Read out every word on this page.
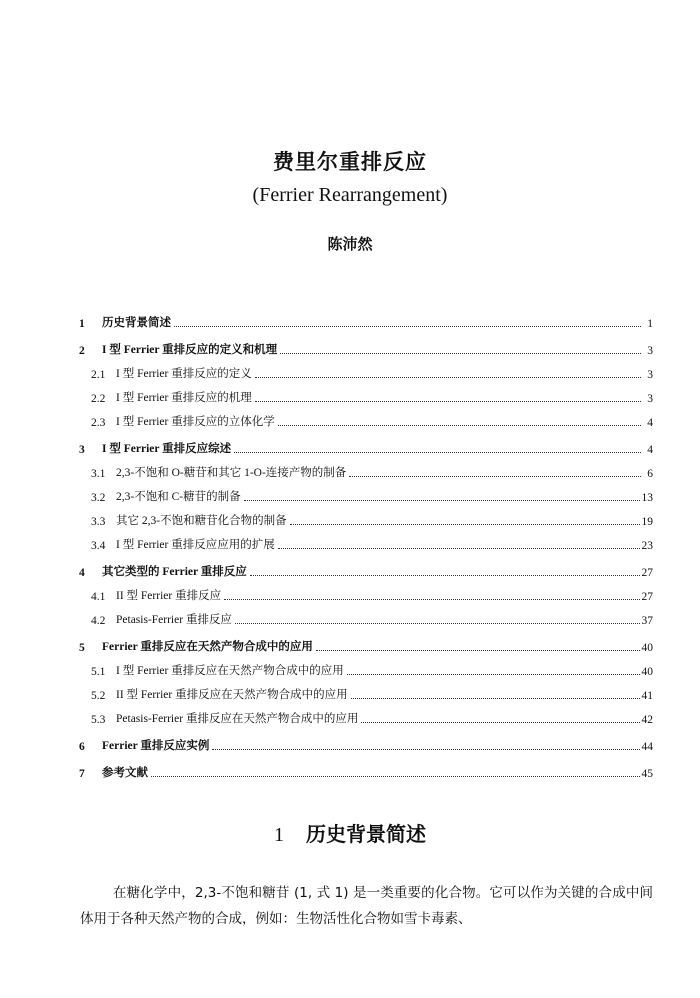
费里尔重排反应
(Ferrier Rearrangement)
陈沛然
1	历史背景简述	1
2	I 型 Ferrier 重排反应的定义和机理	3
2.1 I 型 Ferrier 重排反应的定义	3
2.2 I 型 Ferrier 重排反应的机理	3
2.3 I 型 Ferrier 重排反应的立体化学	4
3	I 型 Ferrier 重排反应综述	4
3.1 2,3-不饱和 O-糖苷和其它 1-O-连接产物的制备	6
3.2 2,3-不饱和 C-糖苷的制备	13
3.3 其它 2,3-不饱和糖苷化合物的制备	19
3.4 I 型 Ferrier 重排反应应用的扩展	23
4	其它类型的 Ferrier 重排反应	27
4.1 II 型 Ferrier 重排反应	27
4.2 Petasis-Ferrier 重排反应	37
5	Ferrier 重排反应在天然产物合成中的应用	40
5.1 I 型 Ferrier 重排反应在天然产物合成中的应用	40
5.2 II 型 Ferrier 重排反应在天然产物合成中的应用	41
5.3 Petasis-Ferrier 重排反应在天然产物合成中的应用	42
6	Ferrier 重排反应实例	44
7	参考文献	45
1 历史背景简述
在糖化学中，2,3-不饱和糖苷 (1, 式 1) 是一类重要的化合物。它可以作为关键的合成中间体用于各种天然产物的合成，例如：生物活性化合物如雪卡毒素、
